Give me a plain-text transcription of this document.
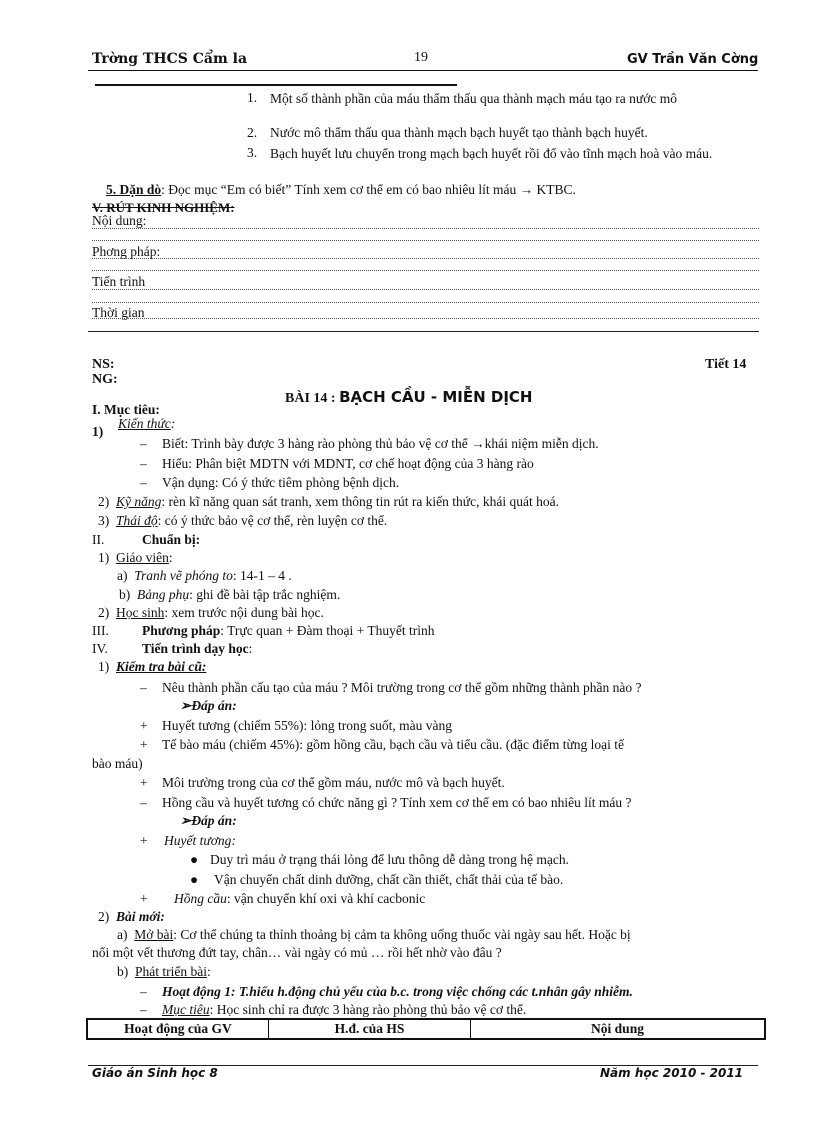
Trờng THCS Cẩm la	19	GV Trần Văn Cờng
1. Một số thành phần của máu thẩm thấu qua thành mạch máu tạo ra nước mô
2. Nước mô thẩm thấu qua thành mạch bạch huyết tạo thành bạch huyết.
3. Bạch huyết lưu chuyển trong mạch bạch huyết rồi đổ vào tĩnh mạch hoà vào máu.
5. Dặn dò: Đọc mục “Em có biết” Tính xem cơ thể em có bao nhiêu lít máu → KTBC.
V. RÚT KINH NGHIỆM:
Nội dung:
Phơng pháp:
Tiến trình
Thời gian
NS:
NG:
Tiết 14
BÀI 14 : BẠCH CẦU - MIỄN DỊCH
I. Mục tiêu:
1)
Kiến thức:
– Biết: Trình bày được 3 hàng rào phòng thủ bảo vệ cơ thể →khái niệm miễn dịch.
– Hiểu: Phân biệt MDTN với MDNT, cơ chế hoạt động của 3 hàng rào
– Vận dụng: Có ý thức tiêm phòng bệnh dịch.
2)  Kỹ năng: rèn kĩ năng quan sát tranh, xem thông tin rút ra kiến thức, khái quát hoá.
3)  Thái độ: có ý thức bảo vệ cơ thể, rèn luyện cơ thể.
II.	Chuẩn bị:
1)  Giáo viên:
a)  Tranh vẽ phóng to: 14-1 – 4 .
b)  Bảng phụ: ghi đề bài tập trắc nghiệm.
2)  Học sinh: xem trước nội dung bài học.
III. Phương pháp: Trực quan + Đàm thoại + Thuyết trình
IV.	Tiến trình dạy học:
1)  Kiểm tra bài cũ:
– Nêu thành phần cấu tạo của máu ? Môi trường trong cơ thể gồm những thành phần nào ?
➢Đáp án:
+ Huyết tương (chiếm 55%): lỏng trong suốt, màu vàng
+ Tế bào máu (chiếm 45%): gồm hồng cầu, bạch cầu và tiểu cầu. (đặc điểm từng loại tế
bào máu)
+ Môi trường trong của cơ thể gồm máu, nước mô và bạch huyết.
– Hồng cầu và huyết tương có chức năng gì ? Tính xem cơ thể em có bao nhiêu lít máu ?
➢Đáp án:
+ Huyết tương:
● Duy trì máu ở trạng thái lỏng để lưu thông dễ dàng trong hệ mạch.
● Vận chuyển chất dinh dưỡng, chất cần thiết, chất thải của tế bào.
+ Hồng cầu: vận chuyển khí oxi và khí cacbonic
2)  Bài mới:
a)  Mở bài: Cơ thể chúng ta thỉnh thoảng bị cảm ta không uống thuốc vài ngày sau hết. Hoặc bị
nổi một vết thương đứt tay, chân… vài ngày có mủ … rồi hết nhờ vào đâu ?
b)  Phát triển bài:
– Hoạt động 1: T.hiểu h.động chủ yếu của b.c. trong việc chống các t.nhân gây nhiễm.
– Mục tiêu: Học sinh chỉ ra được 3 hàng rào phòng thủ bảo vệ cơ thể.
Hoạt động của GV	H.đ. của HS	Nội dung
Giáo án Sinh học 8	Năm học 2010 - 2011
